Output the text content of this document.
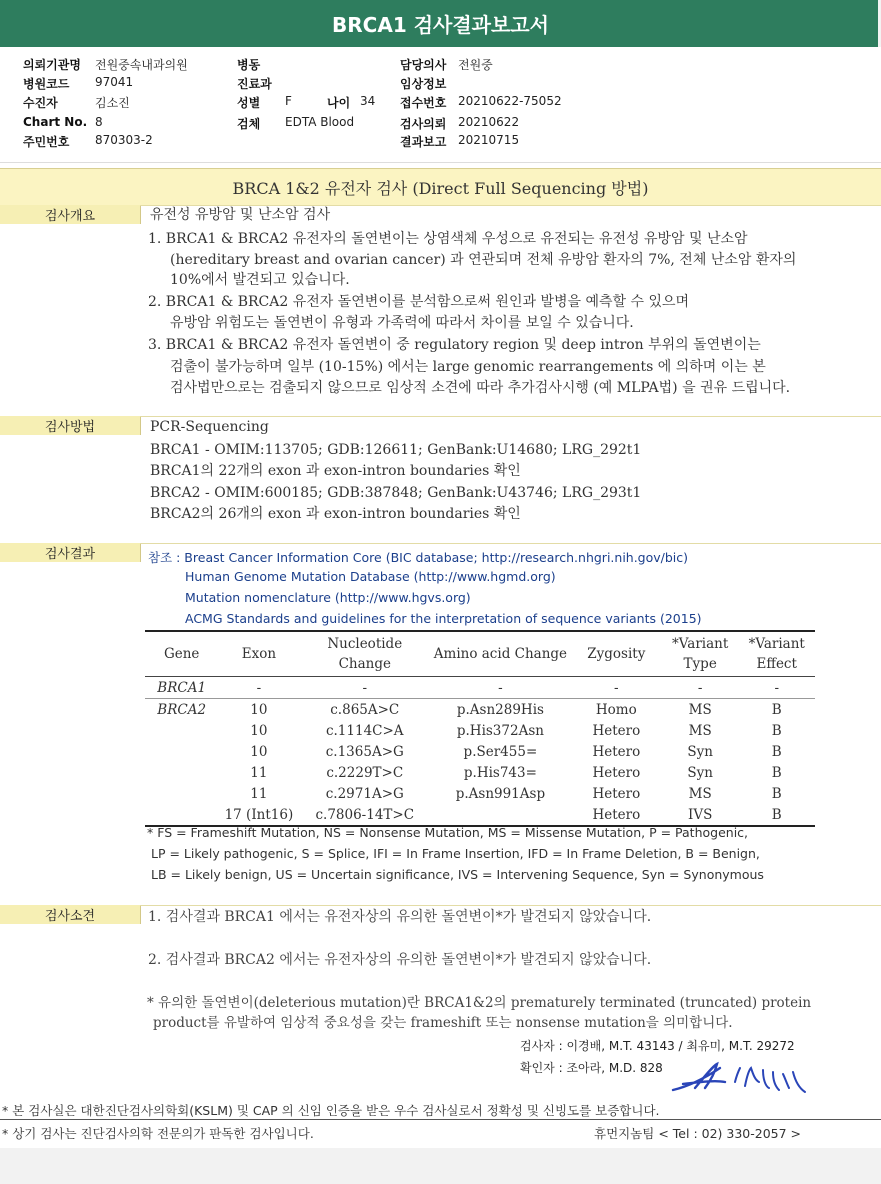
BRCA1 검사결과보고서
의뢰기관명 전원중속내과의원
병원코드 97041
수진자	김소진
Chart No. 8
주민번호 870303-2
병동
진료과
성별 F	나이 34
검체 EDTA Blood
담당의사 전원중
임상정보
접수번호 20210622-75052
검사의뢰 20210622
결과보고 20210715
BRCA 1&2 유전자 검사 (Direct Full Sequencing 방법)
검사개요	유전성 유방암 및 난소암 검사
1. BRCA1 & BRCA2 유전자의 돌연변이는 상염색체 우성으로 유전되는 유전성 유방암 및 난소암
(hereditary breast and ovarian cancer) 과 연관되며 전체 유방암 환자의 7%, 전체 난소암 환자의
10%에서 발견되고 있습니다.
2. BRCA1 & BRCA2 유전자 돌연변이를 분석함으로써 원인과 발병을 예측할 수 있으며
유방암 위험도는 돌연변이 유형과 가족력에 따라서 차이를 보일 수 있습니다.
3. BRCA1 & BRCA2 유전자 돌연변이 중 regulatory region 및 deep intron 부위의 돌연변이는
검출이 불가능하며 일부 (10-15%) 에서는 large genomic rearrangements 에 의하며 이는 본
검사법만으로는 검출되지 않으므로 임상적 소견에 따라 추가검사시행 (예 MLPA법) 을 권유 드립니다.
검사방법	PCR-Sequencing
BRCA1 - OMIM:113705; GDB:126611; GenBank:U14680; LRG_292t1
BRCA1의 22개의 exon 과 exon-intron boundaries 확인
BRCA2 - OMIM:600185; GDB:387848; GenBank:U43746; LRG_293t1
BRCA2의 26개의 exon 과 exon-intron boundaries 확인
검사결과	참조 : Breast Cancer Information Core (BIC database; http://research.nhgri.nih.gov/bic)
Human Genome Mutation Database (http://www.hgmd.org)
Mutation nomenclature (http://www.hgvs.org)
ACMG Standards and guidelines for the interpretation of sequence variants (2015)
Gene	Exon	Nucleotide Change	Amino acid Change	Zygosity	*Variant Type	*Variant Effect
BRCA1	-	-	-	-	-	-
BRCA2	10	c.865A>C	p.Asn289His	Homo	MS	B
	10	c.1114C>A	p.His372Asn	Hetero	MS	B
	10	c.1365A>G	p.Ser455=	Hetero	Syn	B
	11	c.2229T>C	p.His743=	Hetero	Syn	B
	11	c.2971A>G	p.Asn991Asp	Hetero	MS	B
	17 (Int16)	c.7806-14T>C		Hetero	IVS	B
* FS = Frameshift Mutation, NS = Nonsense Mutation, MS = Missense Mutation, P = Pathogenic,
LP = Likely pathogenic, S = Splice, IFI = In Frame Insertion, IFD = In Frame Deletion, B = Benign,
LB = Likely benign, US = Uncertain significance, IVS = Intervening Sequence, Syn = Synonymous
검사소견	1. 검사결과 BRCA1 에서는 유전자상의 유의한 돌연변이*가 발견되지 않았습니다.
2. 검사결과 BRCA2 에서는 유전자상의 유의한 돌연변이*가 발견되지 않았습니다.
* 유의한 돌연변이(deleterious mutation)란 BRCA1&2의 prematurely terminated (truncated) protein
product를 유발하여 임상적 중요성을 갖는 frameshift 또는 nonsense mutation을 의미합니다.
검사자 : 이경배, M.T. 43143 / 최유미, M.T. 29272
확인자 : 조아라, M.D. 828
* 본 검사실은 대한진단검사의학회(KSLM) 및 CAP 의 신임 인증을 받은 우수 검사실로서 정확성 및 신빙도를 보증합니다.
* 상기 검사는 진단검사의학 전문의가 판독한 검사입니다.	휴먼지놈팀 < Tel : 02) 330-2057 >
